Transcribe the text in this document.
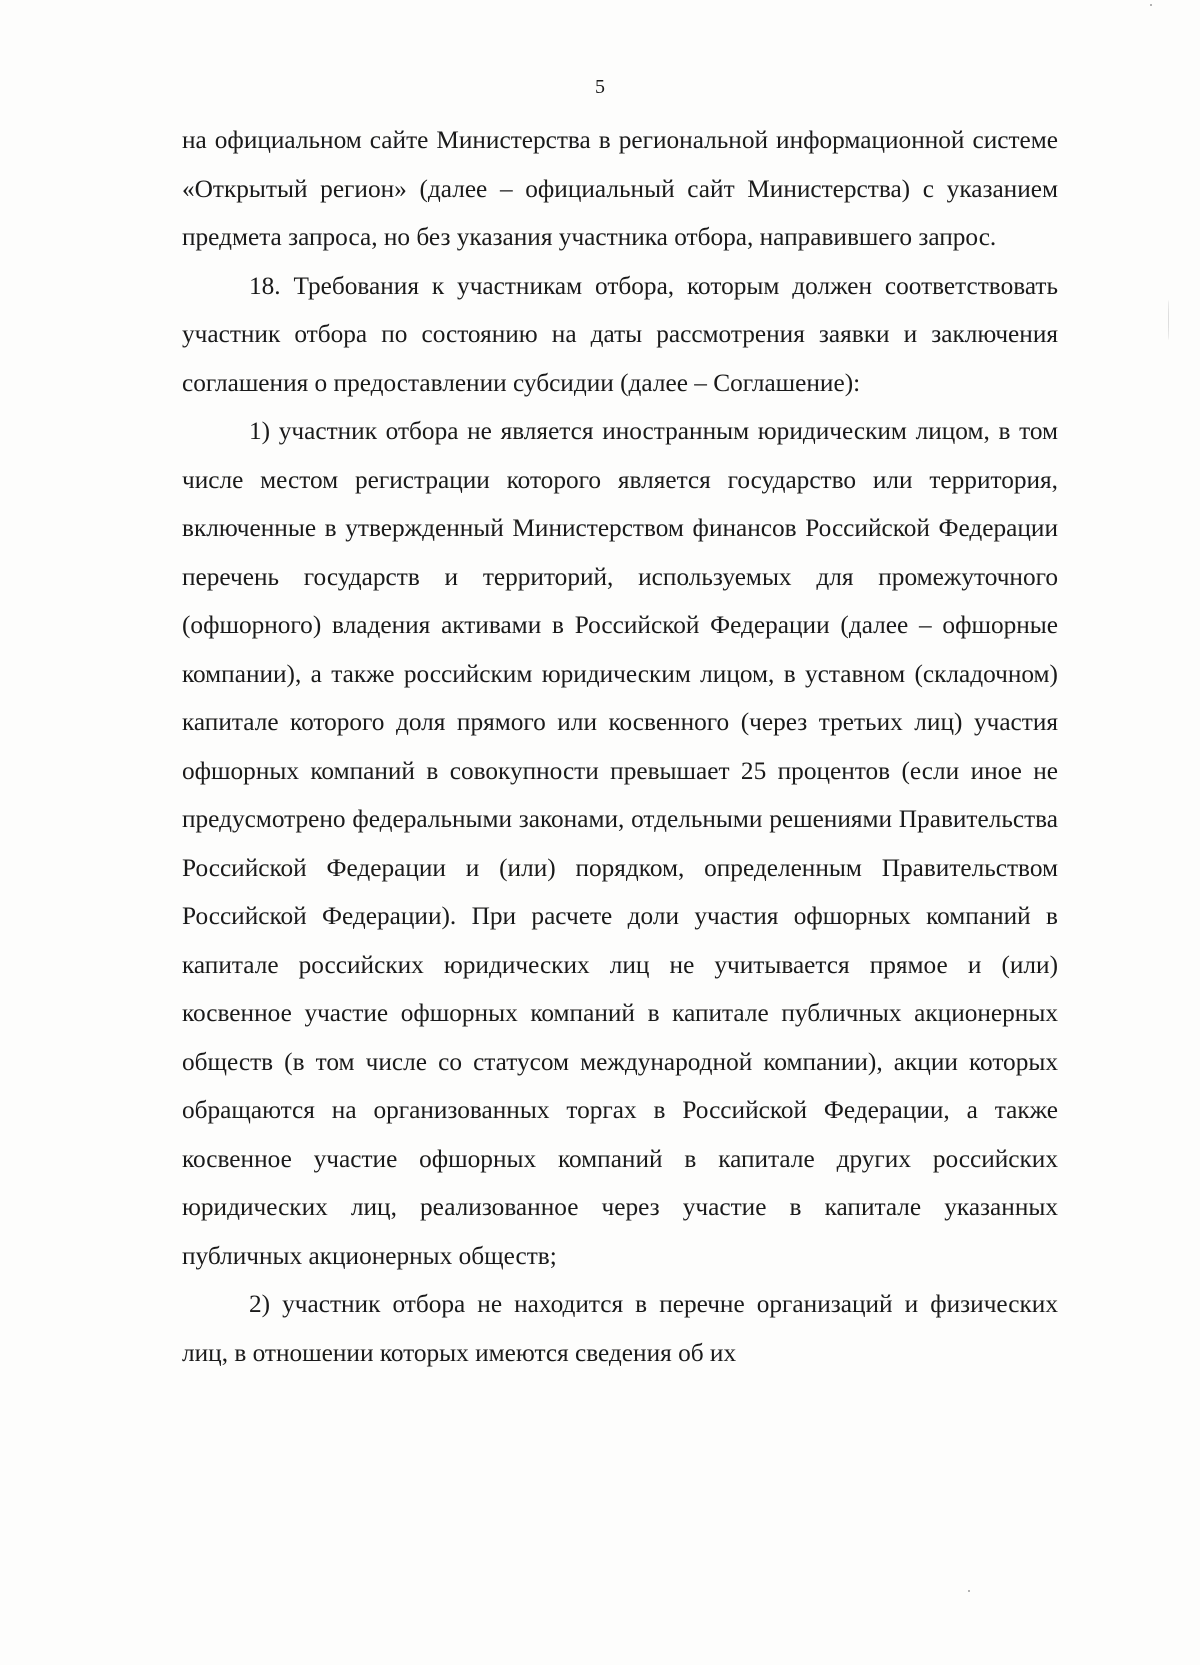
5

на официальном сайте Министерства в региональной информационной системе «Открытый регион» (далее – официальный сайт Министерства) с указанием предмета запроса, но без указания участника отбора, направившего запрос.

18. Требования к участникам отбора, которым должен соответствовать участник отбора по состоянию на даты рассмотрения заявки и заключения соглашения о предоставлении субсидии (далее – Соглашение):

1) участник отбора не является иностранным юридическим лицом, в том числе местом регистрации которого является государство или территория, включенные в утвержденный Министерством финансов Российской Федерации перечень государств и территорий, используемых для промежуточного (офшорного) владения активами в Российской Федерации (далее – офшорные компании), а также российским юридическим лицом, в уставном (складочном) капитале которого доля прямого или косвенного (через третьих лиц) участия офшорных компаний в совокупности превышает 25 процентов (если иное не предусмотрено федеральными законами, отдельными решениями Правительства Российской Федерации и (или) порядком, определенным Правительством Российской Федерации). При расчете доли участия офшорных компаний в капитале российских юридических лиц не учитывается прямое и (или) косвенное участие офшорных компаний в капитале публичных акционерных обществ (в том числе со статусом международной компании), акции которых обращаются на организованных торгах в Российской Федерации, а также косвенное участие офшорных компаний в капитале других российских юридических лиц, реализованное через участие в капитале указанных публичных акционерных обществ;

2) участник отбора не находится в перечне организаций и физических лиц, в отношении которых имеются сведения об их
